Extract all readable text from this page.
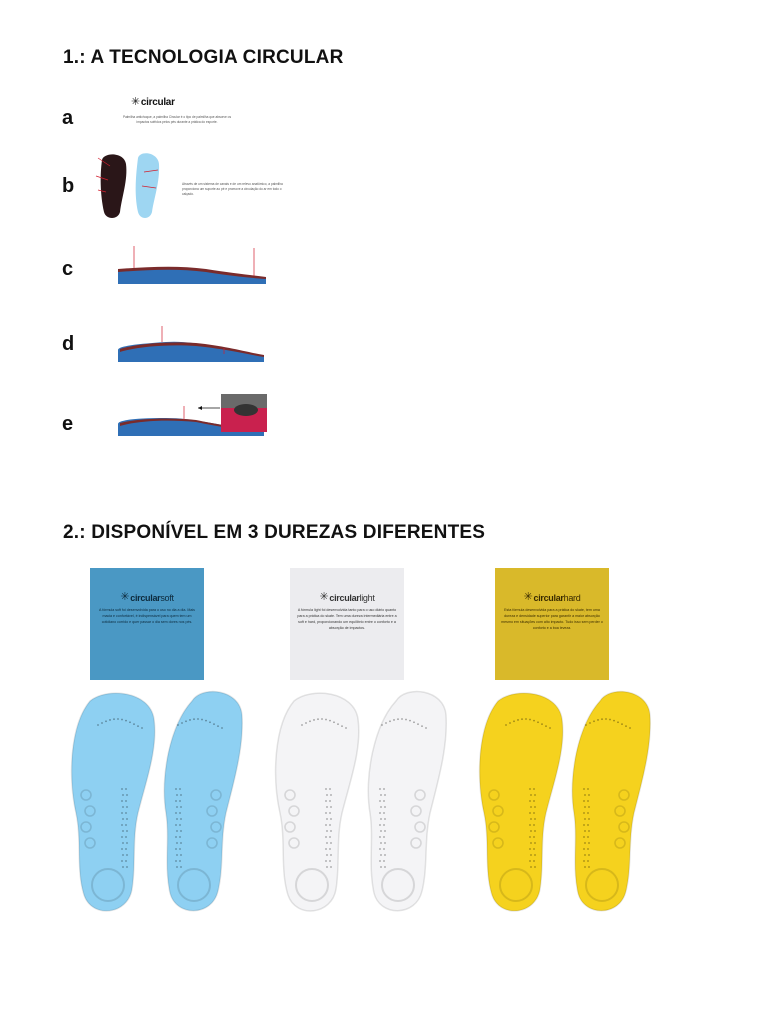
1.: A TECNOLOGIA CIRCULAR
a
✳ circular
Palmilha antichoque, a palmilha Circular é o tipo de palmilha que absorve os impactos sofridos pelos pés durante a prática do esporte.
b	Através de um sistema de canais e de um relevo anatômico, a palmilha proporciona um suporte ao pé e promove a circulação do ar em todo o calçado.
c
d
e
2.: DISPONÍVEL EM 3 DUREZAS DIFERENTES
✳ circular soft
A fórmula soft foi desenvolvida para o uso no dia a dia. Mais macia e confortável, é indispensável para quem tem um cotidiano corrido e quer passar o dia sem dores nos pés.
✳ circular light
A fórmula light foi desenvolvida tanto para o uso diário quanto para a prática do skate. Tem uma dureza intermediária entre a soft e hard, proporcionando um equilíbrio entre o conforto e a absorção de impactos.
✳ circular hard
Esta fórmula desenvolvida para a prática do skate, tem uma dureza e densidade superior para garantir a maior absorção mesmo em situações com alto impacto. Tudo isso sem perder o conforto e a boa leveza.
